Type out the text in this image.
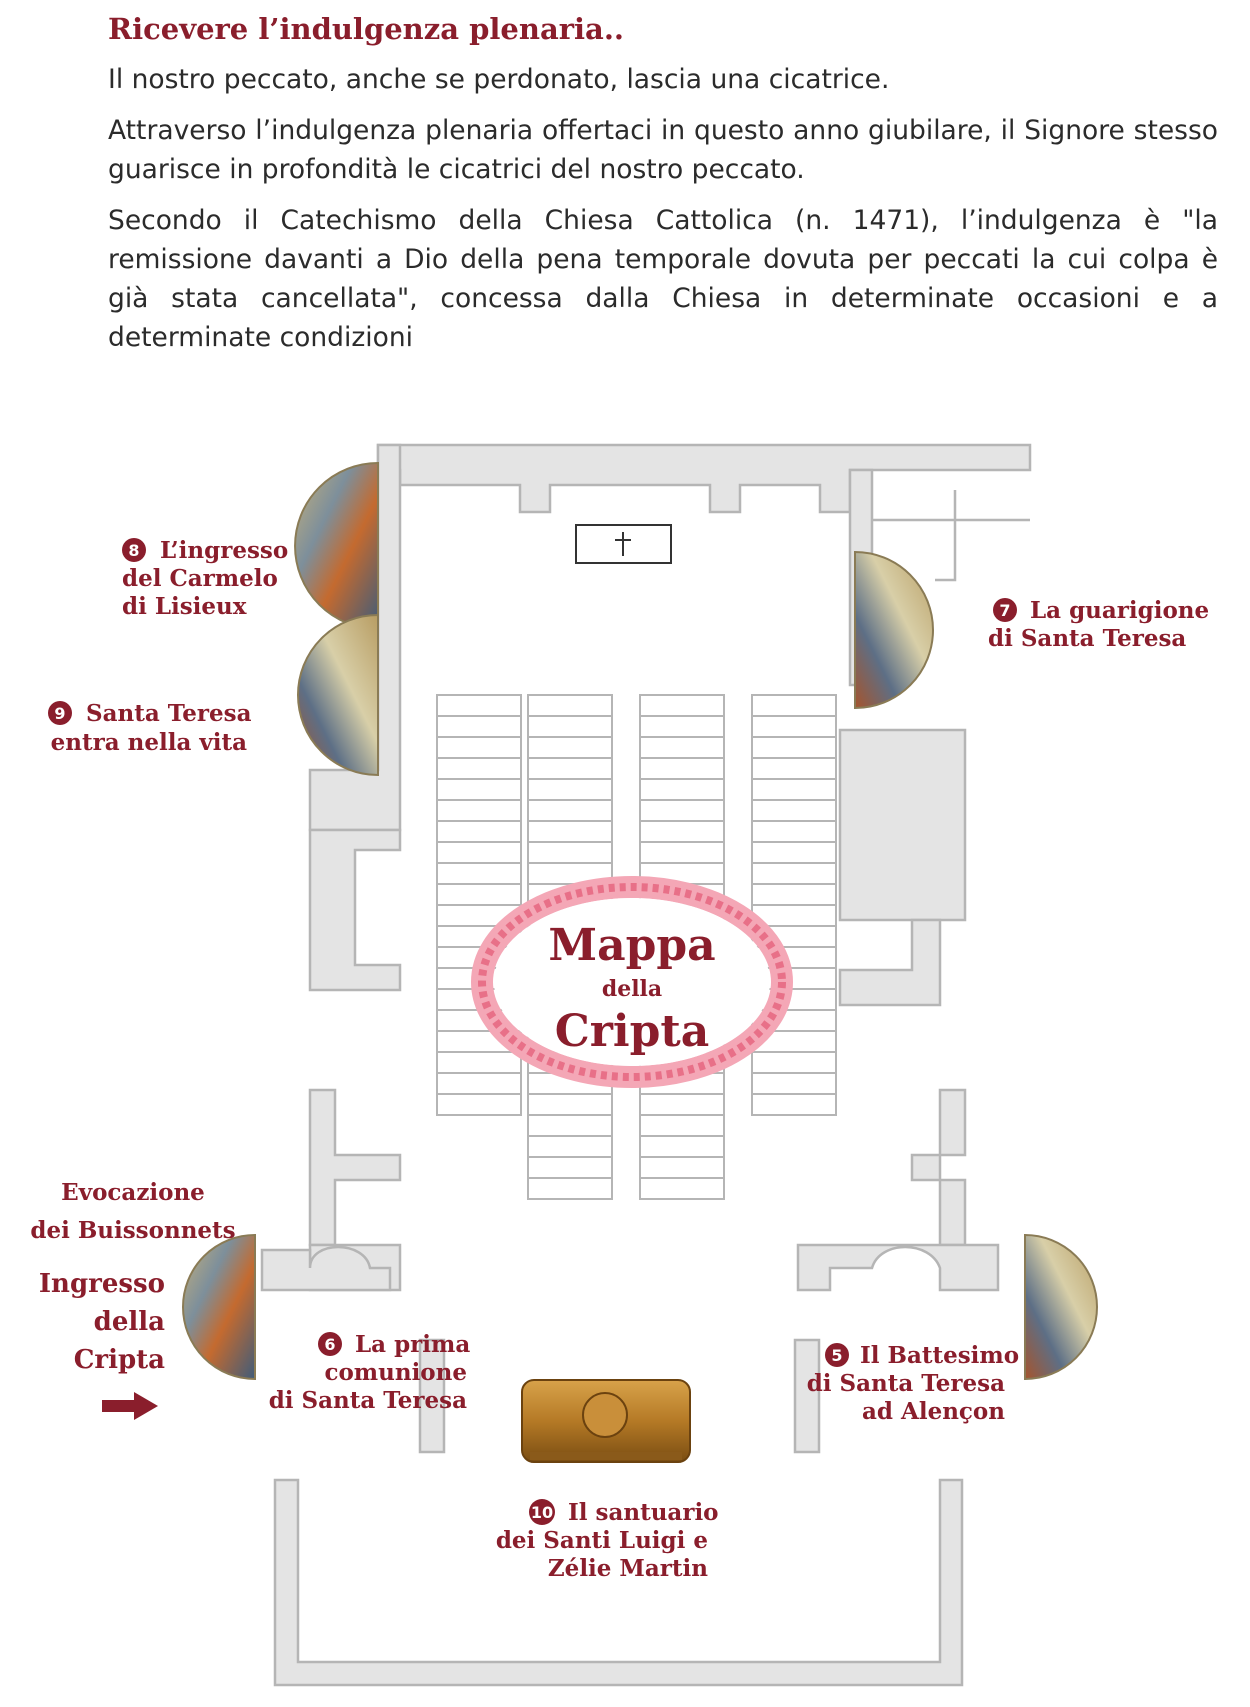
Ricevere l’indulgenza plenaria..

Il nostro peccato, anche se perdonato, lascia una cicatrice.

Attraverso l’indulgenza plenaria offertaci in questo anno giubilare, il Signore stesso guarisce in profondità le cicatrici del nostro peccato.

Secondo il Catechismo della Chiesa Cattolica (n. 1471), l’indulgenza è "la remissione davanti a Dio della pena temporale dovuta per peccati la cui colpa è già stata cancellata", concessa dalla Chiesa in determinate occasioni e a determinate condizioni

Mappa
della
Cripta
8 L’ingresso
del Carmelo
di Lisieux
9 Santa Teresa
entra nella vita
7 La guarigione
di Santa Teresa
Evocazione
dei Buissonnets
Ingresso
della
Cripta
6 La prima
comunione
di Santa Teresa
5 Il Battesimo
di Santa Teresa
ad Alençon
10 Il santuario
dei Santi Luigi e
Zélie Martin
